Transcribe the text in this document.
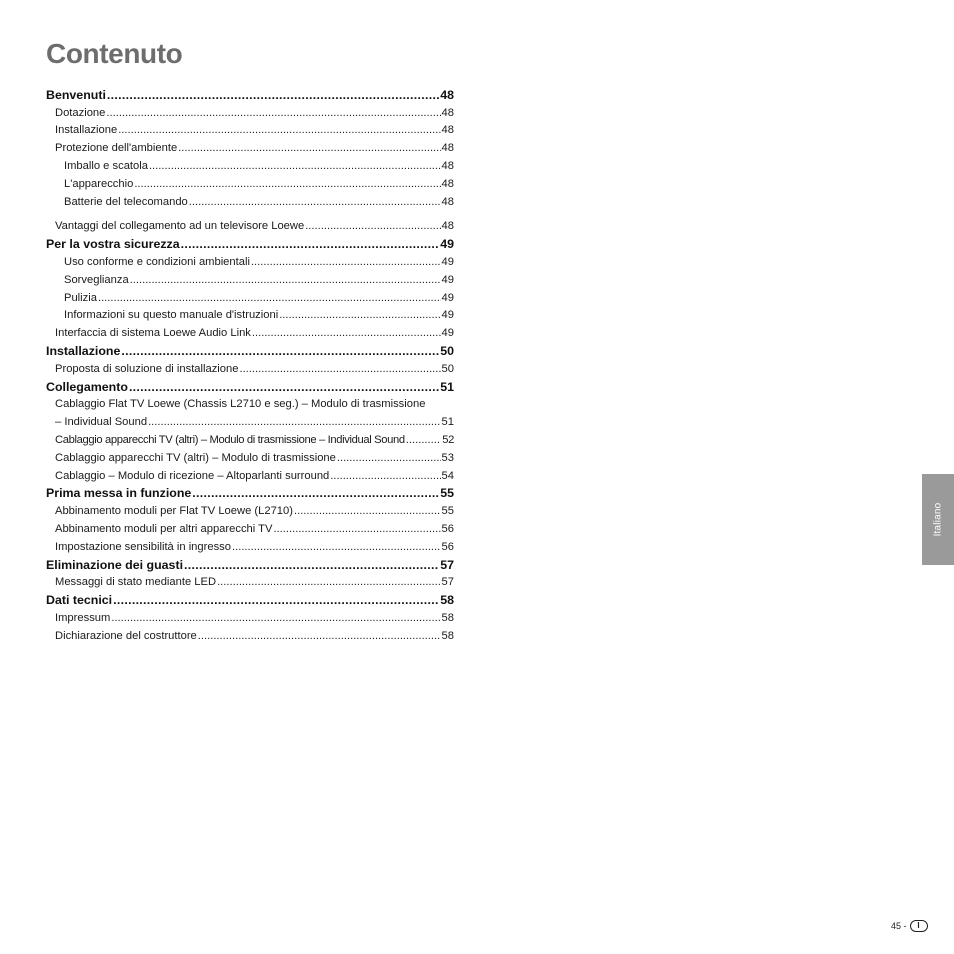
Contenuto
Benvenuti .....	48
Dotazione .....	48
Installazione .....	48
Protezione dell'ambiente .....	48
Imballo e scatola .....	48
L'apparecchio .....	48
Batterie del telecomando .....	48
Vantaggi del collegamento ad un televisore Loewe .....	48
Per la vostra sicurezza .....	49
Uso conforme e condizioni ambientali .....	49
Sorveglianza .....	49
Pulizia .....	49
Informazioni su questo manuale d'istruzioni .....	49
Interfaccia di sistema Loewe Audio Link .....	49
Installazione .....	50
Proposta di soluzione di installazione .....	50
Collegamento .....	51
Cablaggio Flat TV Loewe (Chassis L2710 e seg.) – Modulo di trasmissione
– Individual Sound .....	51
Cablaggio apparecchi TV (altri) – Modulo di trasmissione – Individual Sound .....	52
Cablaggio apparecchi TV (altri) – Modulo di trasmissione .....	53
Cablaggio – Modulo di ricezione – Altoparlanti surround .....	54
Prima messa in funzione .....	55
Abbinamento moduli per Flat TV Loewe (L2710) .....	55
Abbinamento moduli per altri apparecchi TV .....	56
Impostazione sensibilità in ingresso .....	56
Eliminazione dei guasti .....	57
Messaggi di stato mediante LED .....	57
Dati tecnici .....	58
Impressum .....	58
Dichiarazione del costruttore .....	58
Italiano
45 -	I
